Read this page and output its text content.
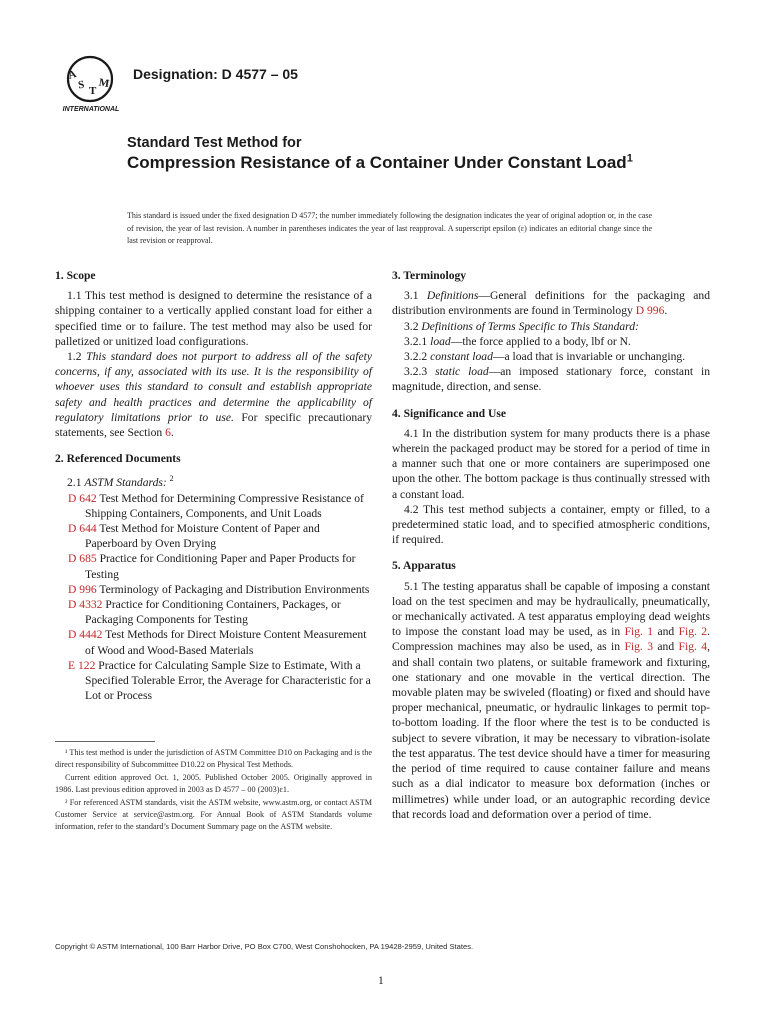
A
S T
M
INTERNATIONAL
Designation: D 4577 – 05
Standard Test Method for
Compression Resistance of a Container Under Constant Load$^1$
This standard is issued under the fixed designation D 4577; the number immediately following the designation indicates the year of original adoption or, in the case of revision, the year of last revision. A number in parentheses indicates the year of last reapproval. A superscript epsilon (ε) indicates an editorial change since the last revision or reapproval.

1. Scope

1.1 This test method is designed to determine the resistance of a shipping container to a vertically applied constant load for either a specified time or to failure. The test method may also be used for palletized or unitized load configurations.

1.2 This standard does not purport to address all of the safety concerns, if any, associated with its use. It is the responsibility of whoever uses this standard to consult and establish appropriate safety and health practices and determine the applicability of regulatory limitations prior to use. For specific precautionary statements, see Section 6.

2. Referenced Documents

2.1 ASTM Standards: $^2$

D 642 Test Method for Determining Compressive Resistance of Shipping Containers, Components, and Unit Loads

D 644 Test Method for Moisture Content of Paper and Paperboard by Oven Drying

D 685 Practice for Conditioning Paper and Paper Products for Testing

D 996 Terminology of Packaging and Distribution Environments

D 4332 Practice for Conditioning Containers, Packages, or Packaging Components for Testing

D 4442 Test Methods for Direct Moisture Content Measurement of Wood and Wood-Based Materials

E 122 Practice for Calculating Sample Size to Estimate, With a Specified Tolerable Error, the Average for Characteristic for a Lot or Process

¹ This test method is under the jurisdiction of ASTM Committee D10 on Packaging and is the direct responsibility of Subcommittee D10.22 on Physical Test Methods.

Current edition approved Oct. 1, 2005. Published October 2005. Originally approved in 1986. Last previous edition approved in 2003 as D 4577 – 00 (2003)ε1.

² For referenced ASTM standards, visit the ASTM website, www.astm.org, or contact ASTM Customer Service at service@astm.org. For Annual Book of ASTM Standards volume information, refer to the standard’s Document Summary page on the ASTM website.

3. Terminology

3.1 Definitions—General definitions for the packaging and distribution environments are found in Terminology D 996.

3.2 Definitions of Terms Specific to This Standard:

3.2.1 load—the force applied to a body, lbf or N.

3.2.2 constant load—a load that is invariable or unchanging.

3.2.3 static load—an imposed stationary force, constant in magnitude, direction, and sense.

4. Significance and Use

4.1 In the distribution system for many products there is a phase wherein the packaged product may be stored for a period of time in a manner such that one or more containers are superimposed one upon the other. The bottom package is thus continually stressed with a constant load.

4.2 This test method subjects a container, empty or filled, to a predetermined static load, and to specified atmospheric conditions, if required.

5. Apparatus

5.1 The testing apparatus shall be capable of imposing a constant load on the test specimen and may be hydraulically, pneumatically, or mechanically activated. A test apparatus employing dead weights to impose the constant load may be used, as in Fig. 1 and Fig. 2. Compression machines may also be used, as in Fig. 3 and Fig. 4, and shall contain two platens, or suitable framework and fixturing, one stationary and one movable in the vertical direction. The movable platen may be swiveled (floating) or fixed and should have proper mechanical, pneumatic, or hydraulic linkages to permit top-to-bottom loading. If the floor where the test is to be conducted is subject to severe vibration, it may be necessary to vibration-isolate the test apparatus. The test device should have a timer for measuring the period of time required to cause container failure and means such as a dial indicator to measure box deformation (inches or millimetres) while under load, or an autographic recording device that records load and deformation over a period of time.

Copyright © ASTM International, 100 Barr Harbor Drive, PO Box C700, West Conshohocken, PA 19428-2959, United States.
1
